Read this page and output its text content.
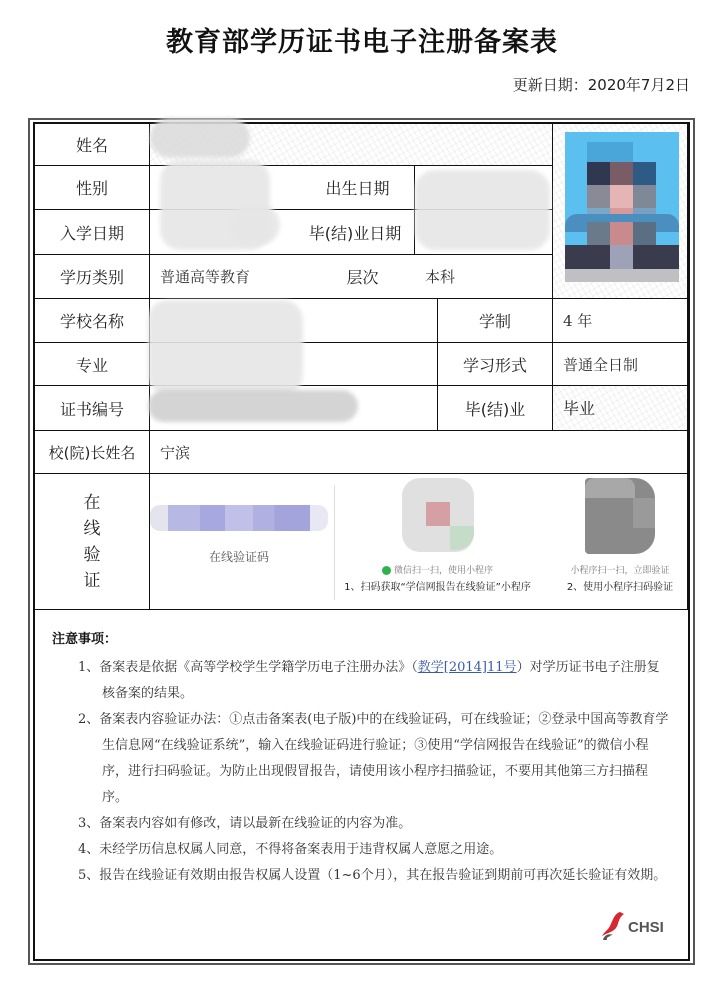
教育部学历证书电子注册备案表
更新日期：2020年7月2日
姓名
性别	出生日期
入学日期	毕(结)业日期
学历类别	普通高等教育	层次	本科
学校名称	学制	4 年
专业	学习形式	普通全日制
证书编号	毕(结)业	毕业
校(院)长姓名	宁滨
在
线
验
证
在线验证码
微信扫一扫，使用小程序
1、扫码获取“学信网报告在线验证”小程序
小程序扫一扫，立即验证
2、使用小程序扫码验证
注意事项：
1、备案表是依据《高等学校学生学籍学历电子注册办法》（教学[2014]11号）对学历证书电子注册复核备案的结果。
2、备案表内容验证办法：①点击备案表(电子版)中的在线验证码，可在线验证；②登录中国高等教育学生信息网“在线验证系统”，输入在线验证码进行验证；③使用“学信网报告在线验证”的微信小程序，进行扫码验证。为防止出现假冒报告，请使用该小程序扫描验证，不要用其他第三方扫描程序。
3、备案表内容如有修改，请以最新在线验证的内容为准。
4、未经学历信息权属人同意，不得将备案表用于违背权属人意愿之用途。
5、报告在线验证有效期由报告权属人设置（1~6个月），其在报告验证到期前可再次延长验证有效期。
CHSI
